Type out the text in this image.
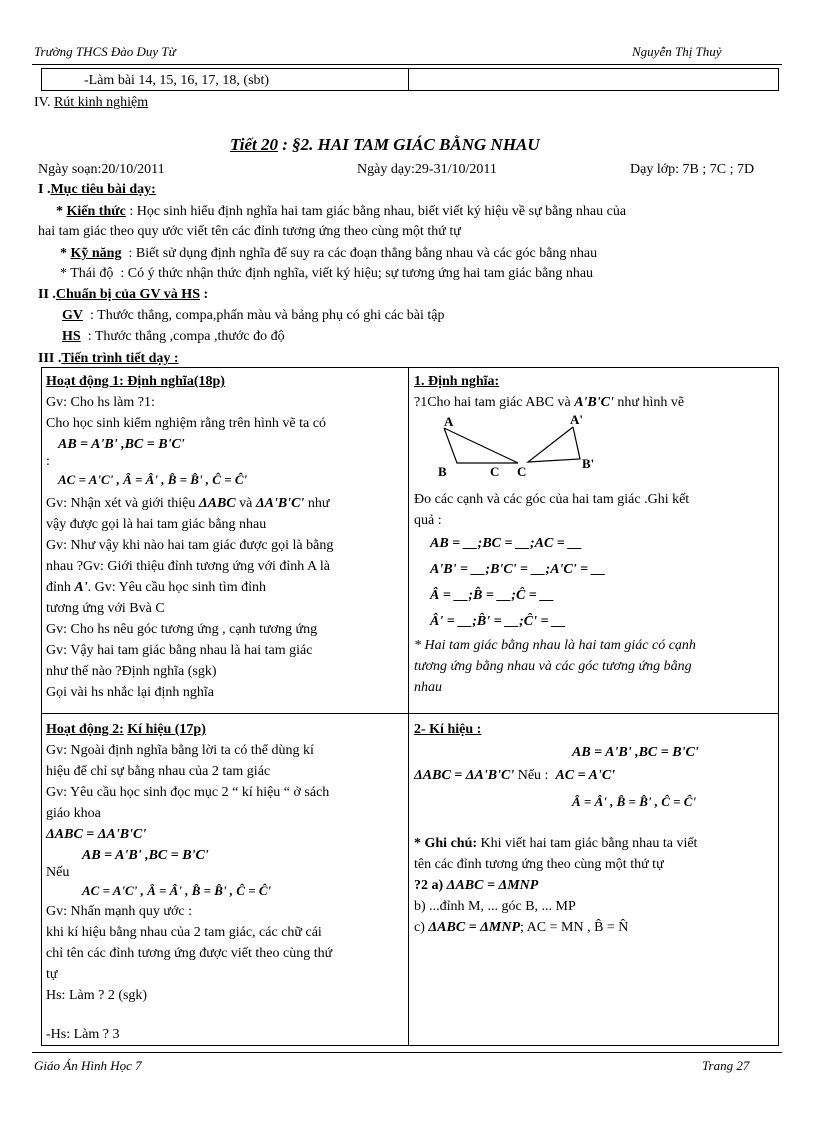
Trường THCS Đào Duy Từ	Nguyễn Thị Thuỷ
-Làm bài 14, 15, 16, 17, 18, (sbt)
IV. Rút kinh nghiệm
Tiết 20 : §2. HAI TAM GIÁC BẰNG NHAU
Ngày soạn:20/10/2011	Ngày dạy:29-31/10/2011	Dạy lớp: 7B ; 7C ; 7D
I .Mục tiêu bài dạy:
* Kiến thức : Học sinh hiểu định nghĩa hai tam giác bằng nhau, biết viết ký hiệu về sự bằng nhau của
hai tam giác theo quy ước viết tên các đỉnh tương ứng theo cùng một thứ tự
* Kỹ năng : Biết sử dụng định nghĩa để suy ra các đoạn thẳng bằng nhau và các góc bằng nhau
* Thái độ : Có ý thức nhận thức định nghĩa, viết ký hiệu; sự tương ứng hai tam giác bằng nhau
II .Chuẩn bị của GV và HS :
GV : Thước thẳng, compa,phấn màu và bảng phụ có ghi các bài tập
HS : Thước thẳng ,compa ,thước đo độ
III .Tiến trình tiết dạy :

Hoạt động 1: Định nghĩa(18p)

Gv: Cho hs làm ?1:

Cho học sinh kiểm nghiệm rằng trên hình vẽ ta có

AB = A'B' ,BC = B'C'

:

AC = A'C' , Â = Â' , B̂ = B̂' , Ĉ = Ĉ'

Gv: Nhận xét và giới thiệu ΔABC và ΔA'B'C' như

vậy được gọi là hai tam giác bằng nhau

Gv: Như vậy khi nào hai tam giác được gọi là bằng

nhau ?Gv: Giới thiệu đỉnh tương ứng với đỉnh A là

đỉnh A'. Gv: Yêu cầu học sinh tìm đỉnh

tương ứng với Bvà C

Gv: Cho hs nêu góc tương ứng , cạnh tương ứng

Gv: Vậy hai tam giác bằng nhau là hai tam giác

như thế nào ?Định nghĩa (sgk)

Gọi vài hs nhắc lại định nghĩa

1. Định nghĩa:

?1Cho hai tam giác ABC và A'B'C' như hình vẽ

A
B	C
A'
C
B'

Đo các cạnh và các góc của hai tam giác .Ghi kết

quả :

AB = __;BC = __;AC = __

A'B' = __;B'C' = __;A'C' = __

Â = __;B̂ = __;Ĉ = __

Â' = __;B̂' = __;Ĉ' = __

* Hai tam giác bằng nhau là hai tam giác có cạnh

tương ứng bằng nhau và các góc tương ứng bằng

nhau

Hoạt động 2: Kí hiệu (17p)

Gv: Ngoài định nghĩa bằng lời ta có thể dùng kí

hiệu để chỉ sự bằng nhau của 2 tam giác

Gv: Yêu cầu học sinh đọc mục 2 “ kí hiệu “ ở sách

giáo khoa

ΔABC = ΔA'B'C'

AB = A'B' ,BC = B'C'

Nếu

AC = A'C' , Â = Â' , B̂ = B̂' , Ĉ = Ĉ'

Gv: Nhấn mạnh quy ước :

khi kí hiệu bằng nhau của 2 tam giác, các chữ cái

chỉ tên các đỉnh tương ứng được viết theo cùng thứ

tự

Hs: Làm ? 2 (sgk)

-Hs: Làm ? 3

2- Kí hiệu :

AB = A'B' ,BC = B'C'

ΔABC = ΔA'B'C' Nếu : AC = A'C'

Â = Â' , B̂ = B̂' , Ĉ = Ĉ'

* Ghi chú: Khi viết hai tam giác bằng nhau ta viết

tên các đỉnh tương ứng theo cùng một thứ tự

?2 a) ΔABC = ΔMNP

b) ...đỉnh M, ... góc B, ... MP

c) ΔABC = ΔMNP; AC = MN , B̂ = N̂

Giáo Án Hình Học 7	Trang 27
